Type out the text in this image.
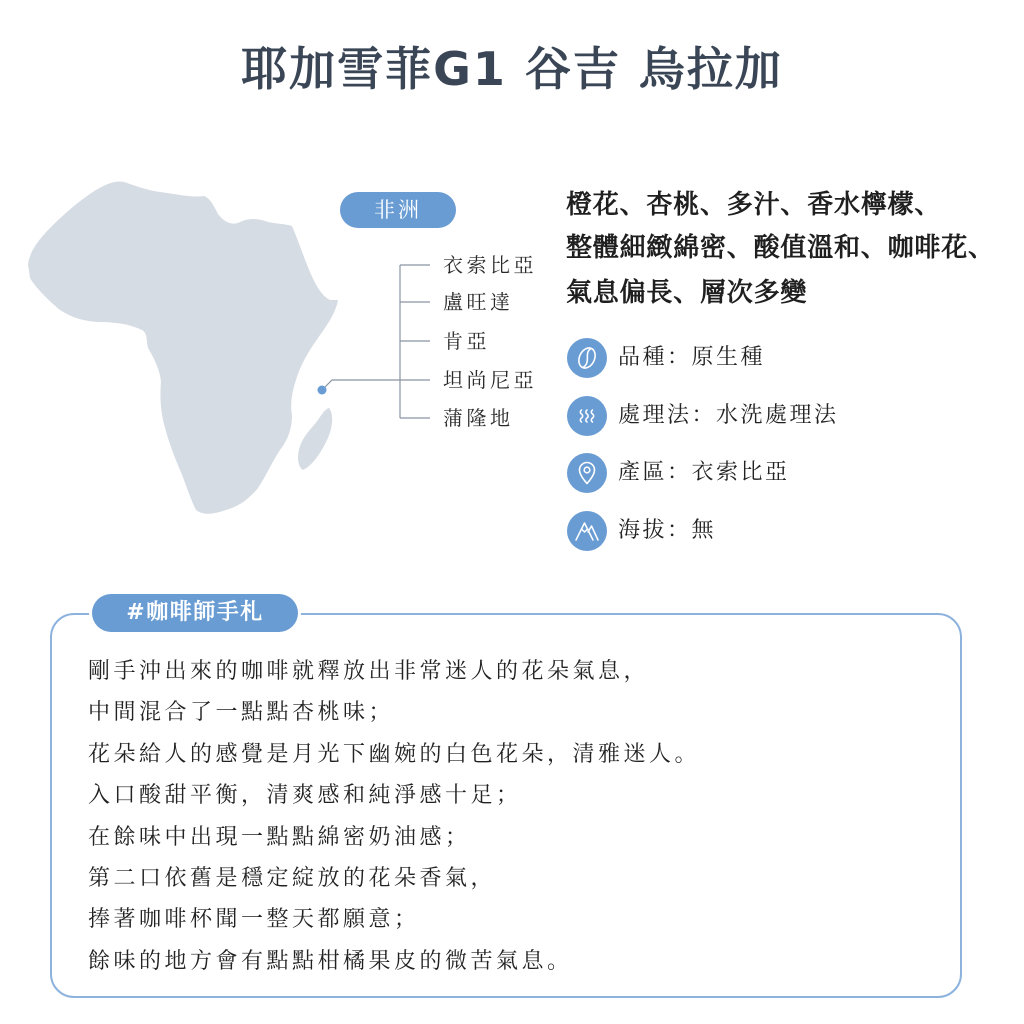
耶加雪菲G1 谷吉 烏拉加
非洲
衣索比亞
盧旺達
肯亞
坦尚尼亞
蒲隆地
橙花、杏桃、多汁、香水檸檬、
整體細緻綿密、酸值溫和、咖啡花、
氣息偏長、層次多變
品種：原生種
處理法：水洗處理法
產區：衣索比亞
海拔：無
#咖啡師手札
剛手沖出來的咖啡就釋放出非常迷人的花朵氣息，
中間混合了一點點杏桃味；
花朵給人的感覺是月光下幽婉的白色花朵，清雅迷人。
入口酸甜平衡，清爽感和純淨感十足；
在餘味中出現一點點綿密奶油感；
第二口依舊是穩定綻放的花朵香氣，
捧著咖啡杯聞一整天都願意；
餘味的地方會有點點柑橘果皮的微苦氣息。
